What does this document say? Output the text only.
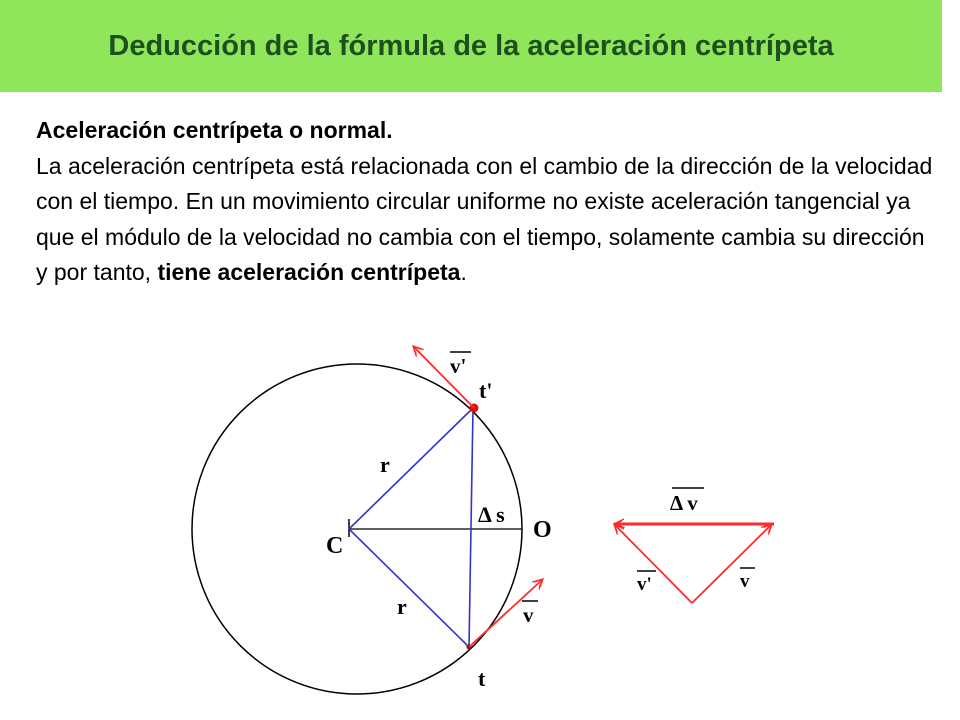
Deducción de la fórmula de la aceleración centrípeta
Aceleración centrípeta o normal.
La aceleración centrípeta está relacionada con el cambio de la dirección de la velocidad con el tiempo. En un movimiento circular uniforme no existe aceleración tangencial ya que el módulo de la velocidad no cambia con el tiempo, solamente cambia su dirección y por tanto, tiene aceleración centrípeta.
C
O
r
r
Δ s
t'
t
v'
v
Δ v
v'	v
